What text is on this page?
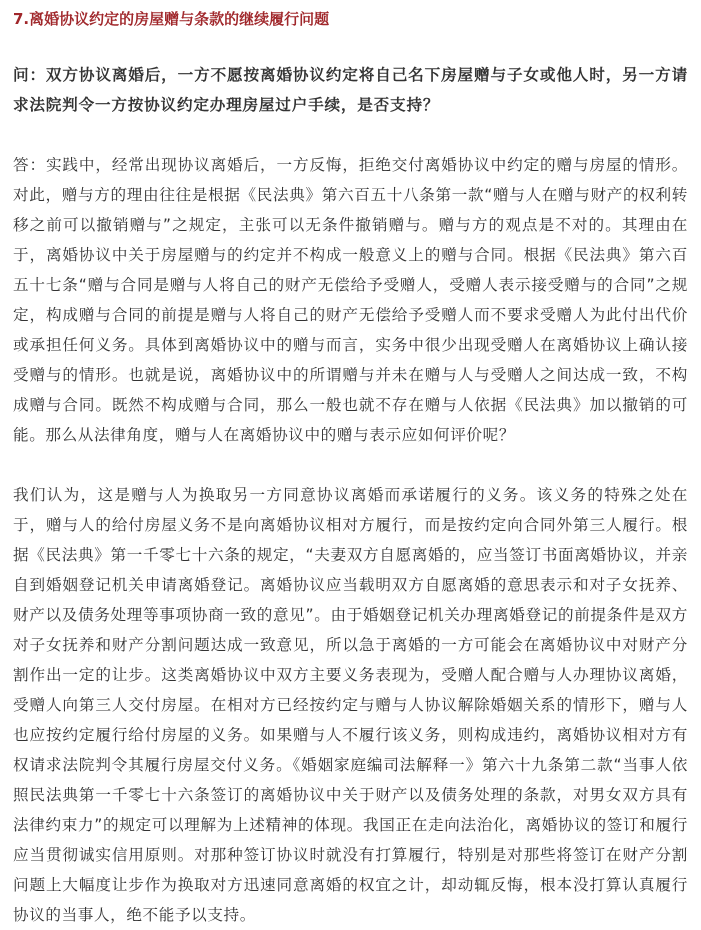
7.离婚协议约定的房屋赠与条款的继续履行问题

问：双方协议离婚后，一方不愿按离婚协议约定将自己名下房屋赠与子女或他人时，另一方请求法院判令一方按协议约定办理房屋过户手续，是否支持？

答：实践中，经常出现协议离婚后，一方反悔，拒绝交付离婚协议中约定的赠与房屋的情形。对此，赠与方的理由往往是根据《民法典》第六百五十八条第一款“赠与人在赠与财产的权利转移之前可以撤销赠与”之规定，主张可以无条件撤销赠与。赠与方的观点是不对的。其理由在于，离婚协议中关于房屋赠与的约定并不构成一般意义上的赠与合同。根据《民法典》第六百五十七条“赠与合同是赠与人将自己的财产无偿给予受赠人，受赠人表示接受赠与的合同”之规定，构成赠与合同的前提是赠与人将自己的财产无偿给予受赠人而不要求受赠人为此付出代价或承担任何义务。具体到离婚协议中的赠与而言，实务中很少出现受赠人在离婚协议上确认接受赠与的情形。也就是说，离婚协议中的所谓赠与并未在赠与人与受赠人之间达成一致，不构成赠与合同。既然不构成赠与合同，那么一般也就不存在赠与人依据《民法典》加以撤销的可能。那么从法律角度，赠与人在离婚协议中的赠与表示应如何评价呢？

我们认为，这是赠与人为换取另一方同意协议离婚而承诺履行的义务。该义务的特殊之处在于，赠与人的给付房屋义务不是向离婚协议相对方履行，而是按约定向合同外第三人履行。根据《民法典》第一千零七十六条的规定，“夫妻双方自愿离婚的，应当签订书面离婚协议，并亲自到婚姻登记机关申请离婚登记。离婚协议应当载明双方自愿离婚的意思表示和对子女抚养、财产以及债务处理等事项协商一致的意见”。由于婚姻登记机关办理离婚登记的前提条件是双方对子女抚养和财产分割问题达成一致意见，所以急于离婚的一方可能会在离婚协议中对财产分割作出一定的让步。这类离婚协议中双方主要义务表现为，受赠人配合赠与人办理协议离婚，受赠人向第三人交付房屋。在相对方已经按约定与赠与人协议解除婚姻关系的情形下，赠与人也应按约定履行给付房屋的义务。如果赠与人不履行该义务，则构成违约，离婚协议相对方有权请求法院判令其履行房屋交付义务。《婚姻家庭编司法解释一》第六十九条第二款“当事人依照民法典第一千零七十六条签订的离婚协议中关于财产以及债务处理的条款，对男女双方具有法律约束力”的规定可以理解为上述精神的体现。我国正在走向法治化，离婚协议的签订和履行应当贯彻诚实信用原则。对那种签订协议时就没有打算履行，特别是对那些将签订在财产分割问题上大幅度让步作为换取对方迅速同意离婚的权宜之计，却动辄反悔，根本没打算认真履行协议的当事人，绝不能予以支持。
